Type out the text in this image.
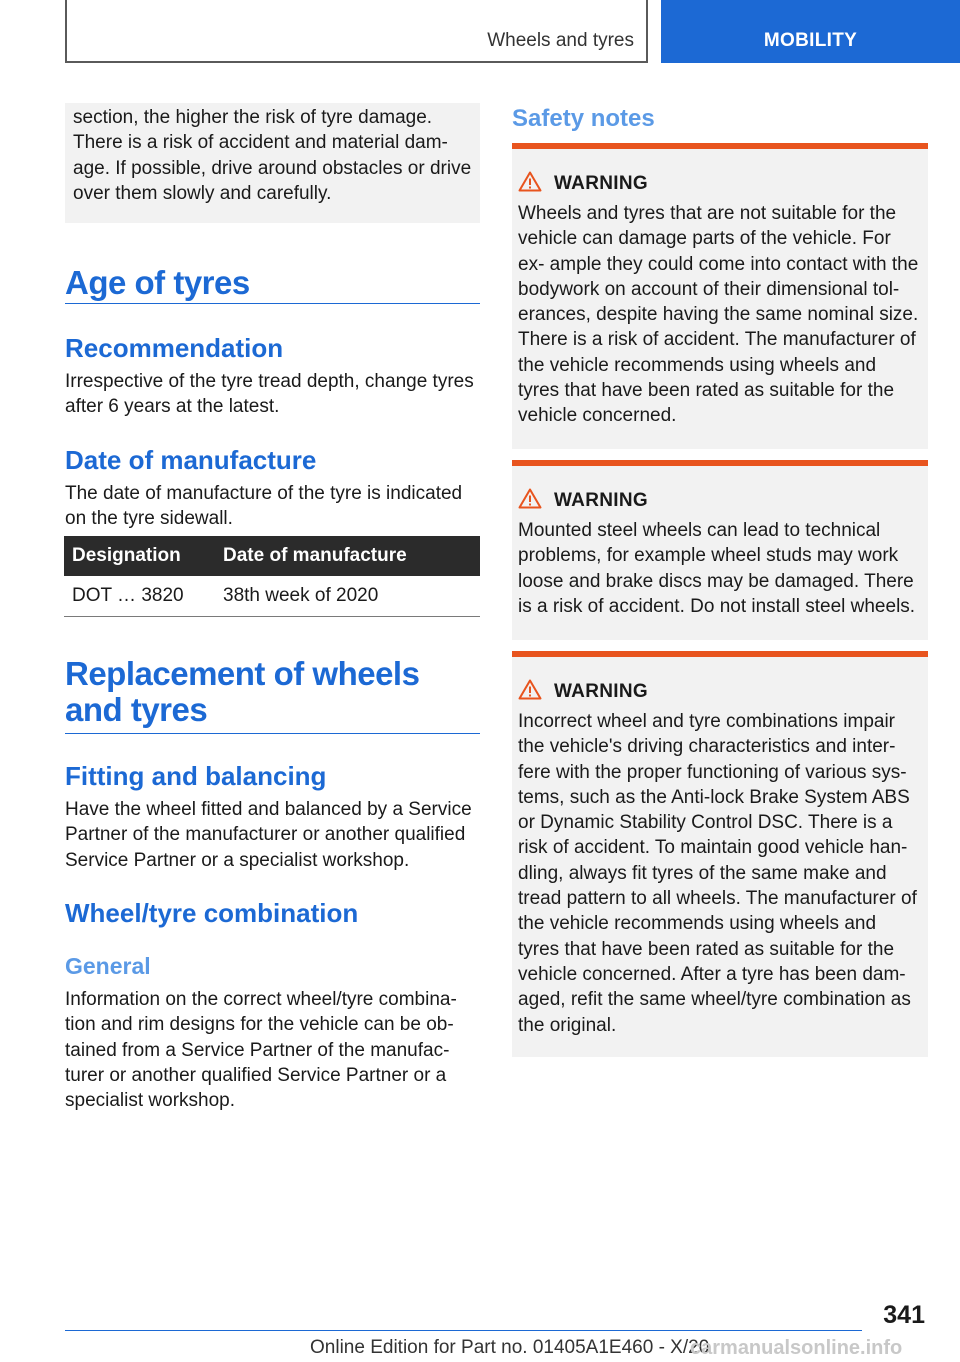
Wheels and tyres	MOBILITY
section, the higher the risk of tyre damage. There is a risk of accident and material dam‐ age. If possible, drive around obstacles or drive over them slowly and carefully.
Age of tyres
Recommendation
Irrespective of the tyre tread depth, change tyres after 6 years at the latest.
Date of manufacture
The date of manufacture of the tyre is indicated on the tyre sidewall.
Designation	Date of manufacture
DOT … 3820	38th week of 2020
Replacement of wheels and tyres
Fitting and balancing
Have the wheel fitted and balanced by a Service Partner of the manufacturer or another qualified Service Partner or a specialist workshop.
Wheel/tyre combination
General
Information on the correct wheel/tyre combina‐ tion and rim designs for the vehicle can be ob‐ tained from a Service Partner of the manufac‐ turer or another qualified Service Partner or a specialist workshop.
Safety notes
WARNING
Wheels and tyres that are not suitable for the vehicle can damage parts of the vehicle. For ex‐ ample they could come into contact with the bodywork on account of their dimensional tol‐ erances, despite having the same nominal size. There is a risk of accident. The manufacturer of the vehicle recommends using wheels and tyres that have been rated as suitable for the vehicle concerned.
WARNING
Mounted steel wheels can lead to technical problems, for example wheel studs may work loose and brake discs may be damaged. There is a risk of accident. Do not install steel wheels.
WARNING
Incorrect wheel and tyre combinations impair the vehicle's driving characteristics and inter‐ fere with the proper functioning of various sys‐ tems, such as the Anti-lock Brake System ABS or Dynamic Stability Control DSC. There is a risk of accident. To maintain good vehicle han‐ dling, always fit tyres of the same make and tread pattern to all wheels. The manufacturer of the vehicle recommends using wheels and tyres that have been rated as suitable for the vehicle concerned. After a tyre has been dam‐ aged, refit the same wheel/tyre combination as the original.
341
Online Edition for Part no. 01405A1E460 - X/20
carmanualsonline.info
